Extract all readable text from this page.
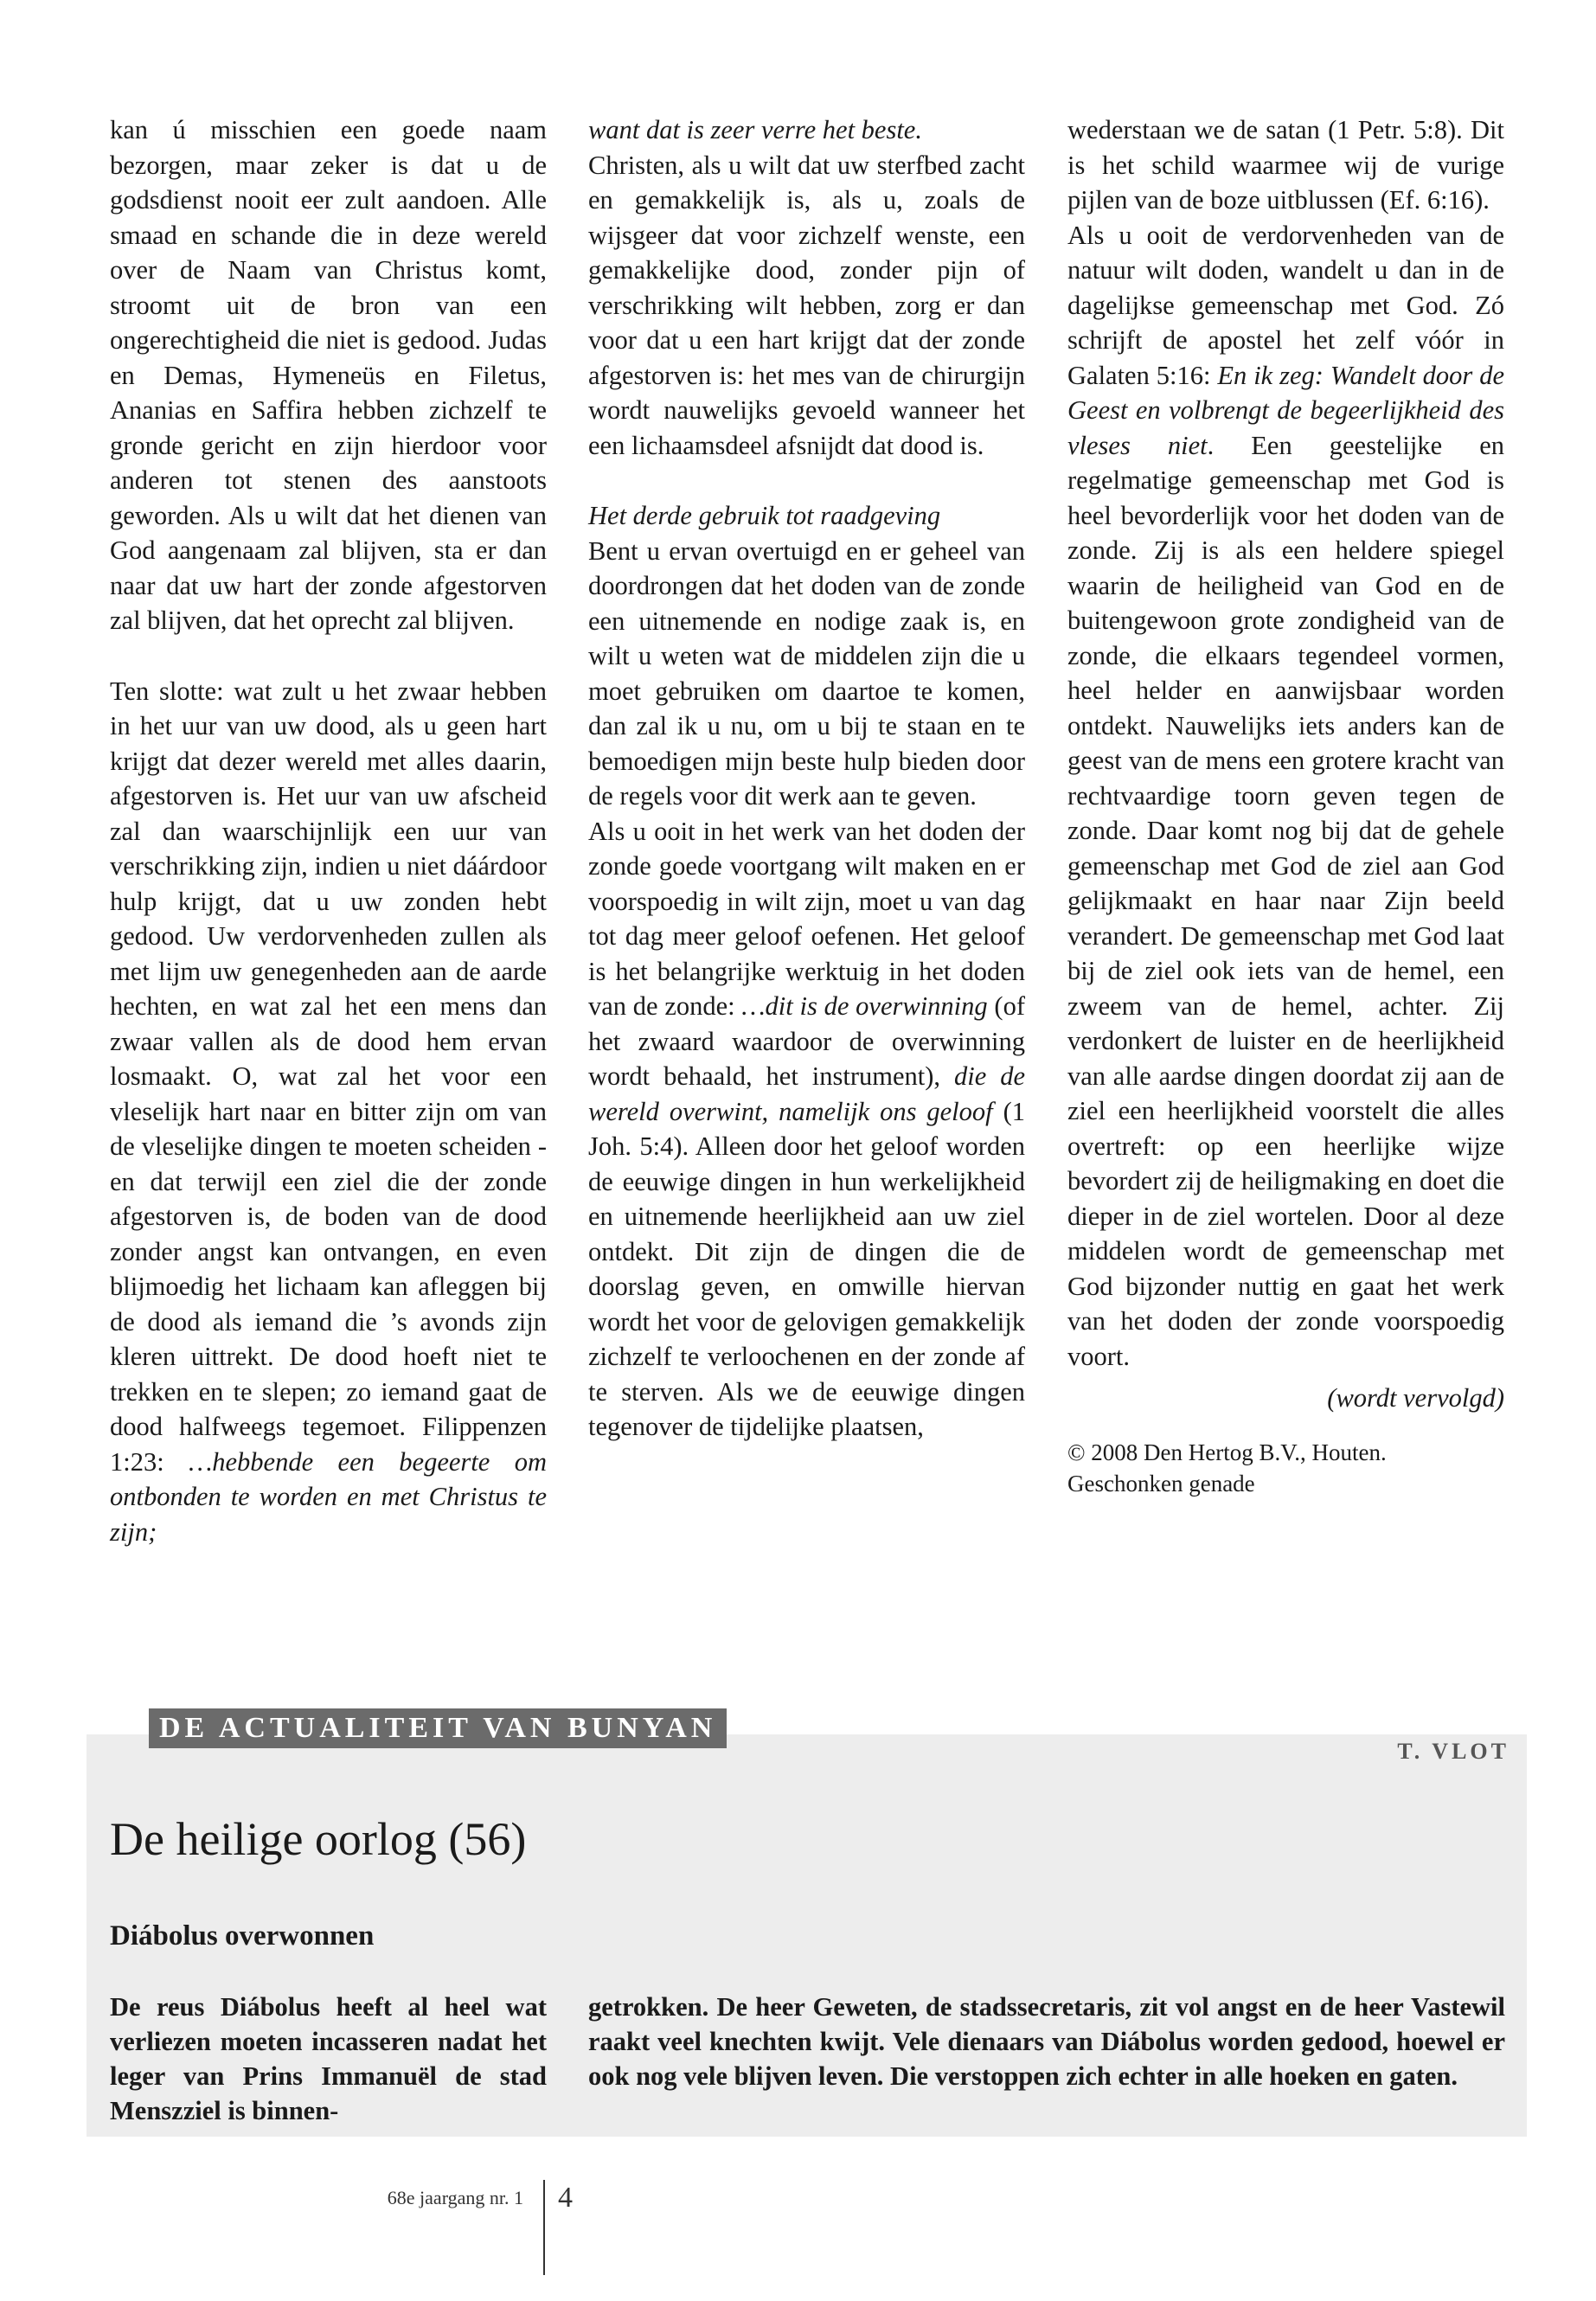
kan ú misschien een goede naam bezorgen, maar zeker is dat u de godsdienst nooit eer zult aandoen. Alle smaad en schande die in deze wereld over de Naam van Christus komt, stroomt uit de bron van een ongerechtigheid die niet is gedood. Judas en Demas, Hymeneüs en Filetus, Ananias en Saffira hebben zichzelf te gronde gericht en zijn hierdoor voor anderen tot stenen des aanstoots geworden. Als u wilt dat het dienen van God aangenaam zal blijven, sta er dan naar dat uw hart der zonde afgestorven zal blijven, dat het oprecht zal blijven.

Ten slotte: wat zult u het zwaar hebben in het uur van uw dood, als u geen hart krijgt dat dezer wereld met alles daarin, afgestorven is. Het uur van uw afscheid zal dan waarschijnlijk een uur van verschrikking zijn, indien u niet dáárdoor hulp krijgt, dat u uw zonden hebt gedood. Uw verdorvenheden zullen als met lijm uw genegenheden aan de aarde hechten, en wat zal het een mens dan zwaar vallen als de dood hem ervan losmaakt. O, wat zal het voor een vleselijk hart naar en bitter zijn om van de vleselijke dingen te moeten scheiden - en dat terwijl een ziel die der zonde afgestorven is, de boden van de dood zonder angst kan ontvangen, en even blijmoedig het lichaam kan afleggen bij de dood als iemand die ’s avonds zijn kleren uittrekt. De dood hoeft niet te trekken en te slepen; zo iemand gaat de dood halfweegs tegemoet. Filippenzen 1:23: …hebbende een begeerte om ontbonden te worden en met Christus te zijn;

want dat is zeer verre het beste.

Christen, als u wilt dat uw sterfbed zacht en gemakkelijk is, als u, zoals de wijsgeer dat voor zichzelf wenste, een gemakkelijke dood, zonder pijn of verschrikking wilt hebben, zorg er dan voor dat u een hart krijgt dat der zonde afgestorven is: het mes van de chirurgijn wordt nauwelijks gevoeld wanneer het een lichaamsdeel afsnijdt dat dood is.

Het derde gebruik tot raadgeving

Bent u ervan overtuigd en er geheel van doordrongen dat het doden van de zonde een uitnemende en nodige zaak is, en wilt u weten wat de middelen zijn die u moet gebruiken om daartoe te komen, dan zal ik u nu, om u bij te staan en te bemoedigen mijn beste hulp bieden door de regels voor dit werk aan te geven.

Als u ooit in het werk van het doden der zonde goede voortgang wilt maken en er voorspoedig in wilt zijn, moet u van dag tot dag meer geloof oefenen. Het geloof is het belangrijke werktuig in het doden van de zonde: …dit is de overwinning (of het zwaard waardoor de overwinning wordt behaald, het instrument), die de wereld overwint, namelijk ons geloof (1 Joh. 5:4). Alleen door het geloof worden de eeuwige dingen in hun werkelijkheid en uitnemende heerlijkheid aan uw ziel ontdekt. Dit zijn de dingen die de doorslag geven, en omwille hiervan wordt het voor de gelovigen gemakkelijk zichzelf te verloochenen en der zonde af te sterven. Als we de eeuwige dingen tegenover de tijdelijke plaatsen,

wederstaan we de satan (1 Petr. 5:8). Dit is het schild waarmee wij de vurige pijlen van de boze uitblussen (Ef. 6:16).

Als u ooit de verdorvenheden van de natuur wilt doden, wandelt u dan in de dagelijkse gemeenschap met God. Zó schrijft de apostel het zelf vóór in Galaten 5:16: En ik zeg: Wandelt door de Geest en volbrengt de begeerlijkheid des vleses niet. Een geestelijke en regelmatige gemeenschap met God is heel bevorderlijk voor het doden van de zonde. Zij is als een heldere spiegel waarin de heiligheid van God en de buitengewoon grote zondigheid van de zonde, die elkaars tegendeel vormen, heel helder en aanwijsbaar worden ontdekt. Nauwelijks iets anders kan de geest van de mens een grotere kracht van rechtvaardige toorn geven tegen de zonde. Daar komt nog bij dat de gehele gemeenschap met God de ziel aan God gelijkmaakt en haar naar Zijn beeld verandert. De gemeenschap met God laat bij de ziel ook iets van de hemel, een zweem van de hemel, achter. Zij verdonkert de luister en de heerlijkheid van alle aardse dingen doordat zij aan de ziel een heerlijkheid voorstelt die alles overtreft: op een heerlijke wijze bevordert zij de heiligmaking en doet die dieper in de ziel wortelen. Door al deze middelen wordt de gemeenschap met God bijzonder nuttig en gaat het werk van het doden der zonde voorspoedig voort.

(wordt vervolgd)

© 2008 Den Hertog B.V., Houten.
Geschonken genade

DE ACTUALITEIT VAN BUNYAN
T. VLOT
De heilige oorlog (56)
Diábolus overwonnen
De reus Diábolus heeft al heel wat verliezen moeten incasseren nadat het leger van Prins Immanuël de stad Menszziel is binnen-
getrokken. De heer Geweten, de stadssecretaris, zit vol angst en de heer Vastewil raakt veel knechten kwijt. Vele dienaars van Diábolus worden gedood, hoewel er ook nog vele blijven leven. Die verstoppen zich echter in alle hoeken en gaten.
68e jaargang nr. 1 4
